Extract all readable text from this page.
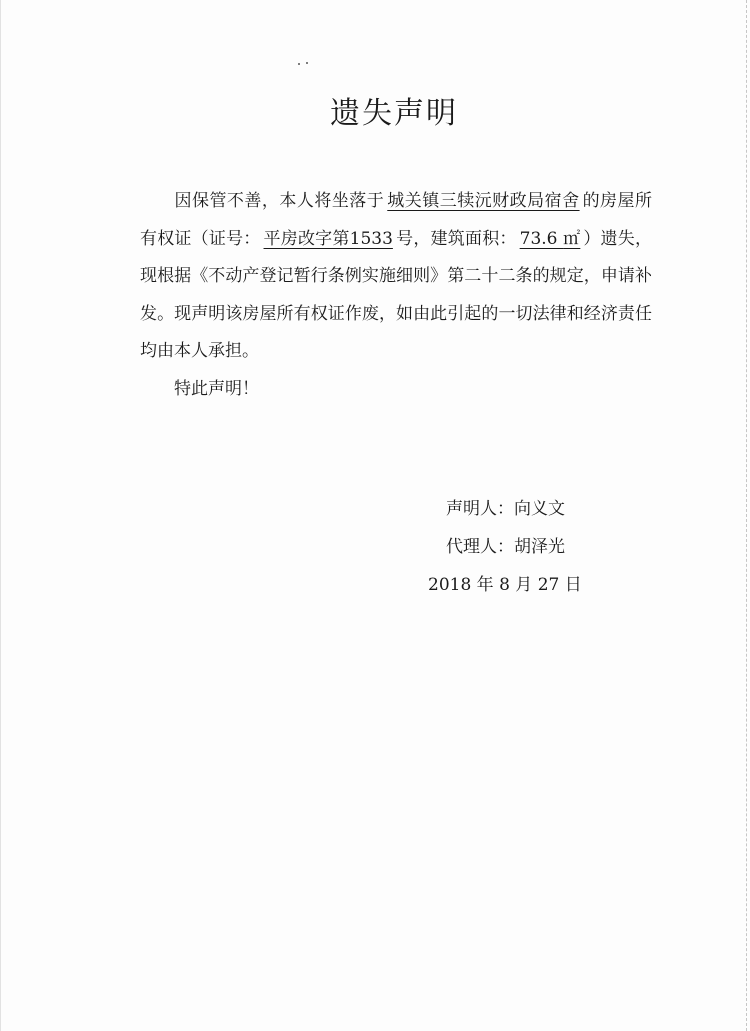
遗失声明

因保管不善，本人将坐落于 城关镇三犊沅财政局宿舍 的房屋所有权证（证号： 平房改字第1533 号，建筑面积： 73.6 ㎡ ）遗失，现根据《不动产登记暂行条例实施细则》第二十二条的规定，申请补发。现声明该房屋所有权证作废，如由此引起的一切法律和经济责任均由本人承担。

特此声明！

声明人：向义文
代理人：胡泽光
2018 年 8 月 27 日
